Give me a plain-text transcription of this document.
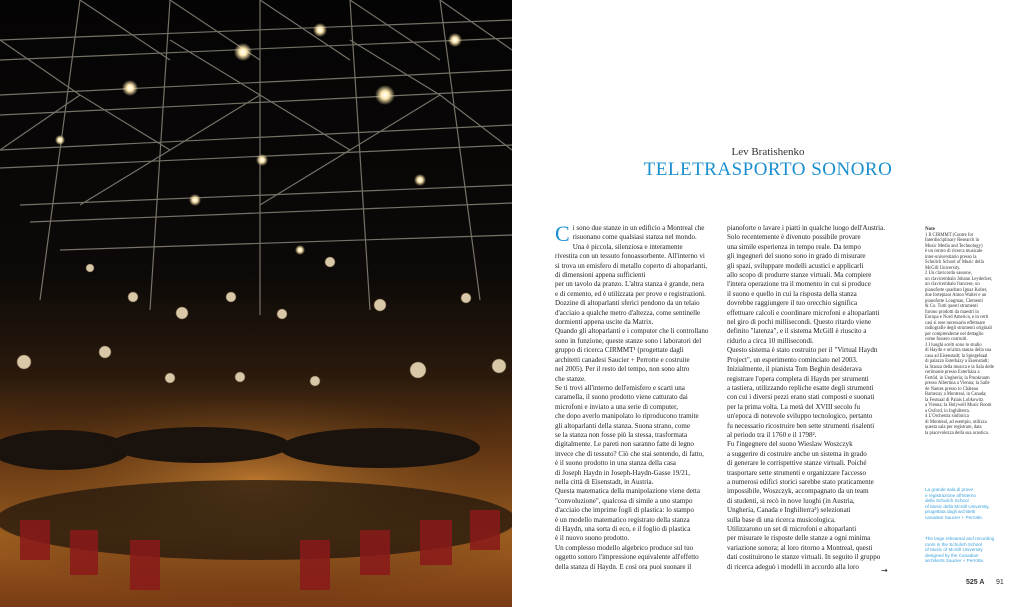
Lev Bratishenko
TELETRASPORTO SONORO
C i sono due stanze in un edificio a Montreal che
risuonano come qualsiasi stanza nel mondo.
Una è piccola, silenziosa e interamente
rivestita con un tessuto fonoassorbente. All'interno vi
si trova un emisfero di metallo coperto di altoparlanti,
di dimensioni appena sufficienti
per un tavolo da pranzo. L'altra stanza è grande, nera
e di cemento, ed è utilizzata per prove e registrazioni.
Dozzine di altoparlanti sferici pendono da un telaio
d'acciaio a qualche metro d'altezza, come sentinelle
dormienti appena uscite da Matrix.
Quando gli altoparlanti e i computer che li controllano
sono in funzione, queste stanze sono i laboratori del
gruppo di ricerca CIRMMT¹ (progettate dagli
architetti canadesi Saucier + Perrotte e costruite
nel 2005). Per il resto del tempo, non sono altro
che stanze.
Se ti trovi all'interno dell'emisfero e scarti una
caramella, il suono prodotto viene catturato dai
microfoni e inviato a una serie di computer,
che dopo averlo manipolato lo riproducono tramite
gli altoparlanti della stanza. Suona strano, come
se la stanza non fosse più la stessa, trasformata
digitalmente. Le pareti non saranno fatte di legno
invece che di tessuto? Ciò che stai sentendo, di fatto,
è il suono prodotto in una stanza della casa
di Joseph Haydn in Joseph-Haydn-Gasse 19/21,
nella città di Eisenstadt, in Austria.
Questa matematica della manipolazione viene detta
"convoluzione", qualcosa di simile a uno stampo
d'acciaio che imprime fogli di plastica: lo stampo
è un modello matematico registrato della stanza
di Haydn, una sorta di eco, e il foglio di plastica
è il nuovo suono prodotto.
Un complesso modello algebrico produce sul tuo
oggetto sonoro l'impressione equivalente all'effetto
della stanza di Haydn. E così ora puoi suonare il

pianoforte o lavare i piatti in qualche luogo dell'Austria.
Solo recentemente è divenuto possibile provare
una simile esperienza in tempo reale. Da tempo
gli ingegneri del suono sono in grado di misurare
gli spazi, sviluppare modelli acustici e applicarli
allo scopo di produrre stanze virtuali. Ma compiere
l'intera operazione tra il momento in cui si produce
il suono e quello in cui la risposta della stanza
dovrebbe raggiungere il tuo orecchio significa
effettuare calcoli e coordinare microfoni e altoparlanti
nel giro di pochi millisecondi. Questo ritardo viene
definito "latenza", e il sistema McGill è riuscito a
ridurlo a circa 10 millisecondi.
Questo sistema è stato costruito per il "Virtual Haydn
Project", un esperimento cominciato nel 2003.
Inizialmente, il pianista Tom Beghin desiderava
registrare l'opera completa di Haydn per strumenti
a tastiera, utilizzando repliche esatte degli strumenti
con cui i diversi pezzi erano stati composti e suonati
per la prima volta. La metà del XVIII secolo fu
un'epoca di notevole sviluppo tecnologico, pertanto
fu necessario ricostruire ben sette strumenti risalenti
al periodo tra il 1760 e il 1798².
Fu l'ingegnere del suono Wieslaw Woszczyk
a suggerire di costruire anche un sistema in grado
di generare le corrispettive stanze virtuali. Poiché
trasportare sette strumenti e organizzare l'accesso
a numerosi edifici storici sarebbe stato praticamente
impossibile, Woszczyk, accompagnato da un team
di studenti, si recò in nove luoghi (in Austria,
Ungheria, Canada e Inghilterra³) selezionati
sulla base di una ricerca musicologica.
Utilizzarono un set di microfoni e altoparlanti
per misurare le risposte delle stanze a ogni minima
variazione sonora; al loro ritorno a Montreal, questi
dati costituirono le stanze virtuali. In seguito il gruppo
di ricerca adeguò i modelli in accordo alla loro	→

Note

1 Il CIRMMT (Centre for
Interdisciplinary Research in
Music Media and Technology)
è un centro di ricerca musicale
inter-universitario presso la
Schulich School of Music della
McGill University.
2 Un clavicordo sassone,
un clavicembalo Johann Leydecker,
un clavicembalo francese, un
pianoforte quadrato Ignaz Kober,
due fortepiani Anton Walter e un
pianoforte Longman, Clementi
& Co. Tutti questi strumenti
furono prodotti da maestri in
Europa e Nord America, e in certi
casi si rese necessario effettuare
radiografie degli strumenti originali
per comprenderne nel dettaglio
come fossero costruiti.
3 I luoghi scelti sono lo studio
di Haydn e un'altra stanza della sua
casa ad Eisenstadt; la Spiegelsaal
di palazzo Esterházy a Eisenstadt;
la Stanza della musica e la Sala delle
cerimonie presso Esterháza a
Fertőd, in Ungheria; la Prunkraum
presso Albertina a Vienna; la Salle
de Nantes presso lo Château
Ramezay a Montreal, in Canada;
la Festsaal di Palais Lobkowitz
a Vienna; la Holywell Music Room
a Oxford, in Inghilterra.
4 L'Orchestra sinfonica
di Montreal, ad esempio, utilizza
questa sala per registrare, data
la piacevolezza della sua acustica.

La grande sala di prove
e registrazione all'interno
della Schulich School
of Music della McGill University,
progettata dagli architetti
canadesi Saucier + Perrotte.
The large rehearsal and recording
room in the Schulich School
of Music of McGill University
designed by the Canadian
architects Saucier + Perrotte.
525 A 91
